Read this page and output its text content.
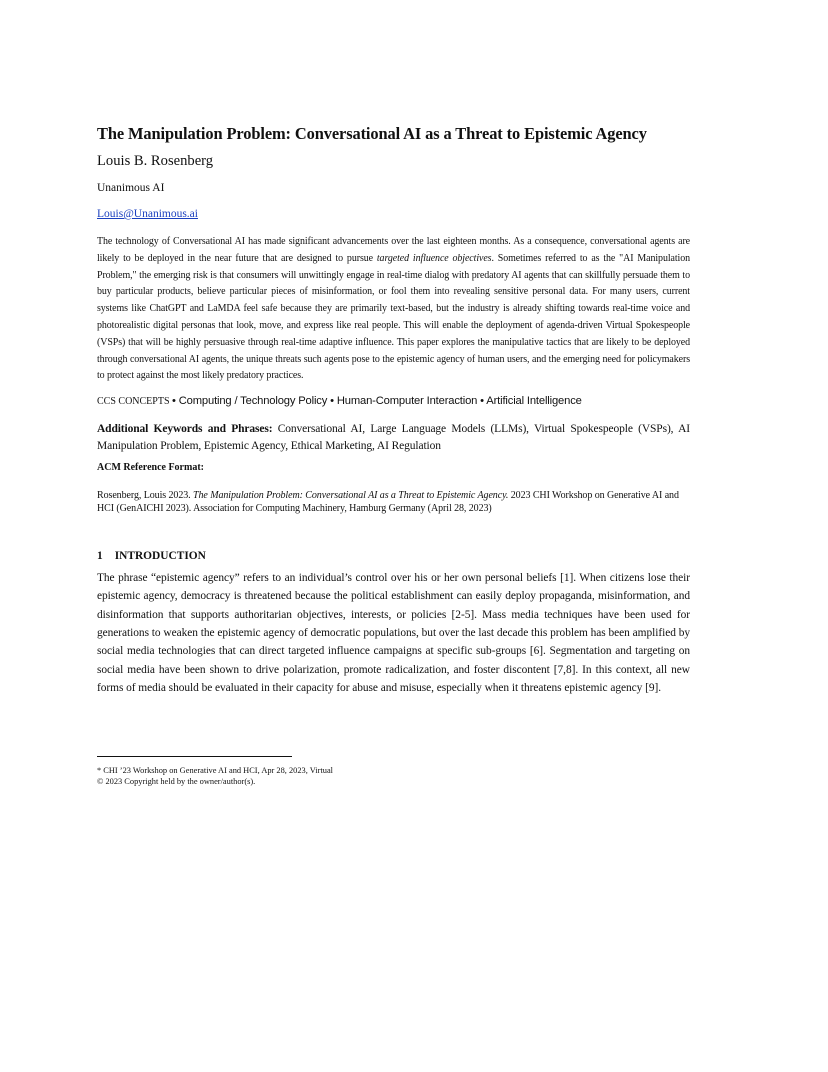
The Manipulation Problem: Conversational AI as a Threat to Epistemic Agency
Louis B. Rosenberg
Unanimous AI
Louis@Unanimous.ai
The technology of Conversational AI has made significant advancements over the last eighteen months. As a consequence, conversational agents are likely to be deployed in the near future that are designed to pursue targeted influence objectives. Sometimes referred to as the "AI Manipulation Problem," the emerging risk is that consumers will unwittingly engage in real-time dialog with predatory AI agents that can skillfully persuade them to buy particular products, believe particular pieces of misinformation, or fool them into revealing sensitive personal data. For many users, current systems like ChatGPT and LaMDA feel safe because they are primarily text-based, but the industry is already shifting towards real-time voice and photorealistic digital personas that look, move, and express like real people. This will enable the deployment of agenda-driven Virtual Spokespeople (VSPs) that will be highly persuasive through real-time adaptive influence. This paper explores the manipulative tactics that are likely to be deployed through conversational AI agents, the unique threats such agents pose to the epistemic agency of human users, and the emerging need for policymakers to protect against the most likely predatory practices.
CCS CONCEPTS • Computing / Technology Policy • Human-Computer Interaction • Artificial Intelligence
Additional Keywords and Phrases: Conversational AI, Large Language Models (LLMs), Virtual Spokespeople (VSPs), AI Manipulation Problem, Epistemic Agency, Ethical Marketing, AI Regulation
ACM Reference Format:
Rosenberg, Louis 2023. The Manipulation Problem: Conversational AI as a Threat to Epistemic Agency. 2023 CHI Workshop on Generative AI and HCI (GenAICHI 2023). Association for Computing Machinery, Hamburg Germany (April 28, 2023)
1 INTRODUCTION
The phrase “epistemic agency” refers to an individual’s control over his or her own personal beliefs [1]. When citizens lose their epistemic agency, democracy is threatened because the political establishment can easily deploy propaganda, misinformation, and disinformation that supports authoritarian objectives, interests, or policies [2-5]. Mass media techniques have been used for generations to weaken the epistemic agency of democratic populations, but over the last decade this problem has been amplified by social media technologies that can direct targeted influence campaigns at specific sub-groups [6]. Segmentation and targeting on social media have been shown to drive polarization, promote radicalization, and foster discontent [7,8]. In this context, all new forms of media should be evaluated in their capacity for abuse and misuse, especially when it threatens epistemic agency [9].
* CHI ’23 Workshop on Generative AI and HCI, Apr 28, 2023, Virtual
© 2023 Copyright held by the owner/author(s).
